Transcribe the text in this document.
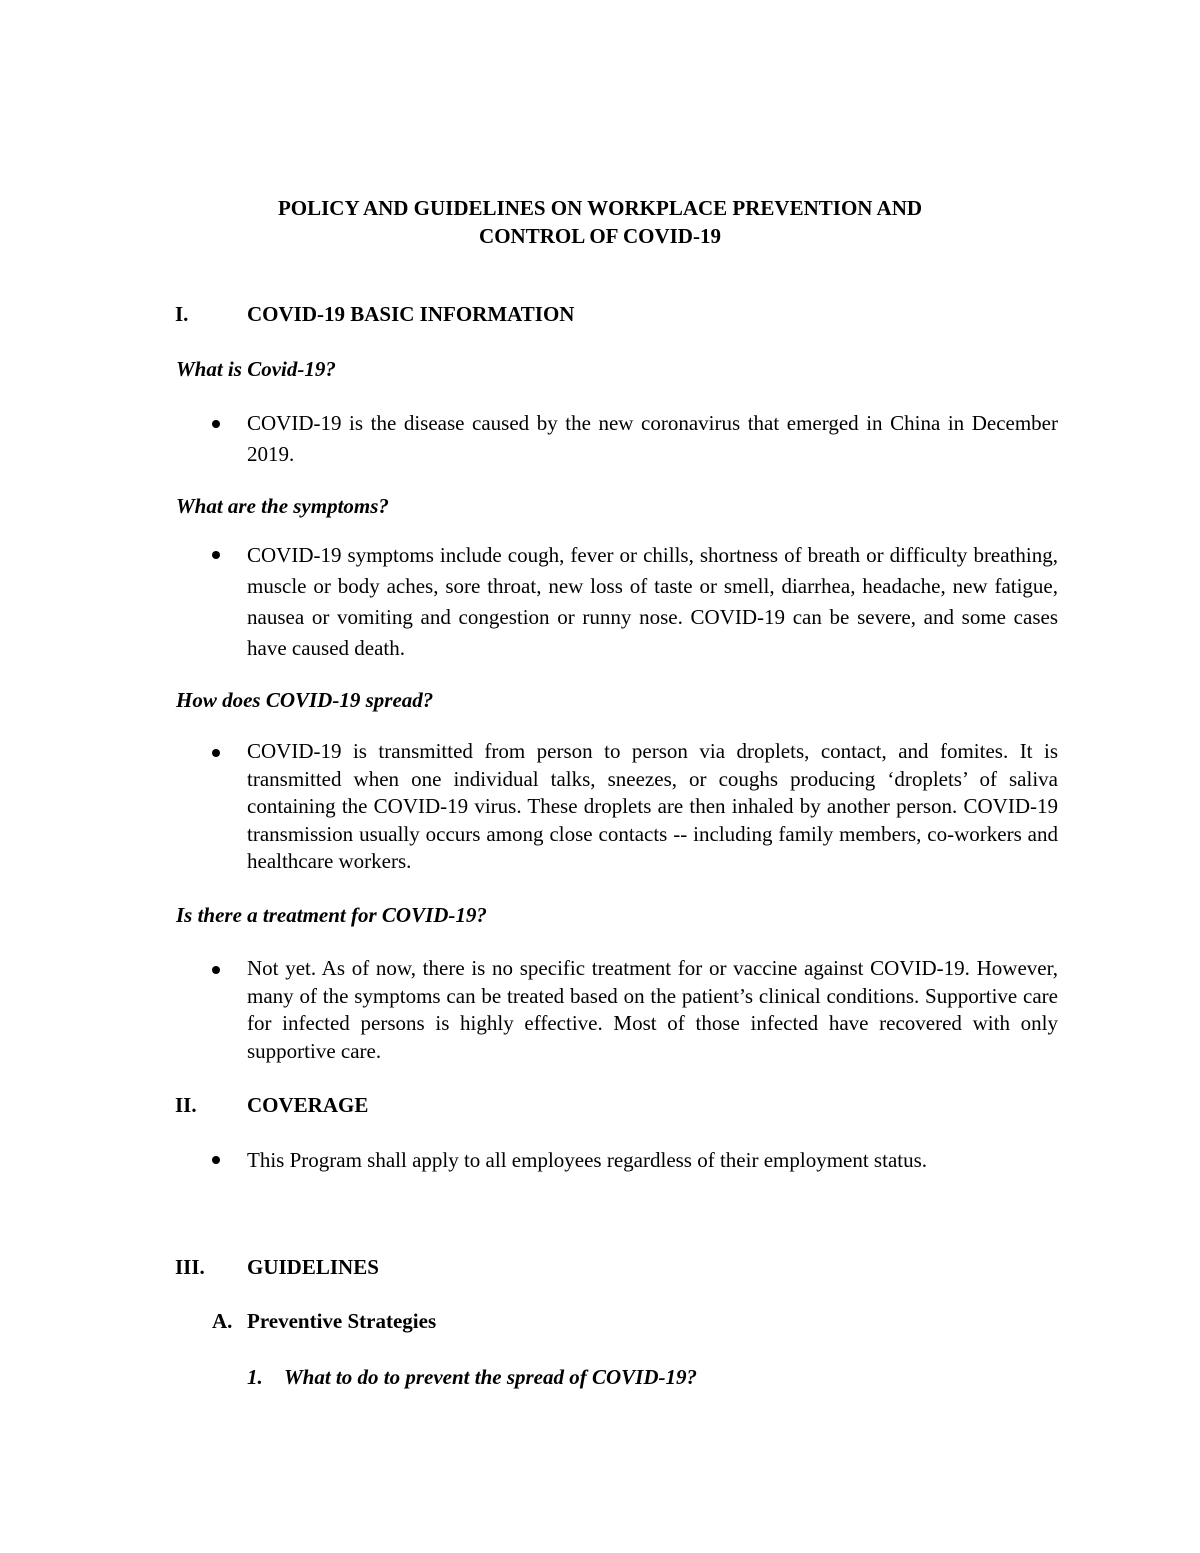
POLICY AND GUIDELINES ON WORKPLACE PREVENTION AND
CONTROL OF COVID-19
I.	COVID-19 BASIC INFORMATION
What is Covid-19?
COVID-19 is the disease caused by the new coronavirus that emerged in China in December 2019.
What are the symptoms?
COVID-19 symptoms include cough, fever or chills, shortness of breath or difficulty breathing, muscle or body aches, sore throat, new loss of taste or smell, diarrhea, headache, new fatigue, nausea or vomiting and congestion or runny nose. COVID-19 can be severe, and some cases have caused death.
How does COVID-19 spread?
COVID-19 is transmitted from person to person via droplets, contact, and fomites. It is transmitted when one individual talks, sneezes, or coughs producing ‘droplets’ of saliva containing the COVID-19 virus. These droplets are then inhaled by another person. COVID-19 transmission usually occurs among close contacts -- including family members, co-workers and healthcare workers.
Is there a treatment for COVID-19?
Not yet. As of now, there is no specific treatment for or vaccine against COVID-19. However, many of the symptoms can be treated based on the patient’s clinical conditions. Supportive care for infected persons is highly effective. Most of those infected have recovered with only supportive care.
II. COVERAGE
This Program shall apply to all employees regardless of their employment status.
III. GUIDELINES
A. Preventive Strategies
1. What to do to prevent the spread of COVID-19?
